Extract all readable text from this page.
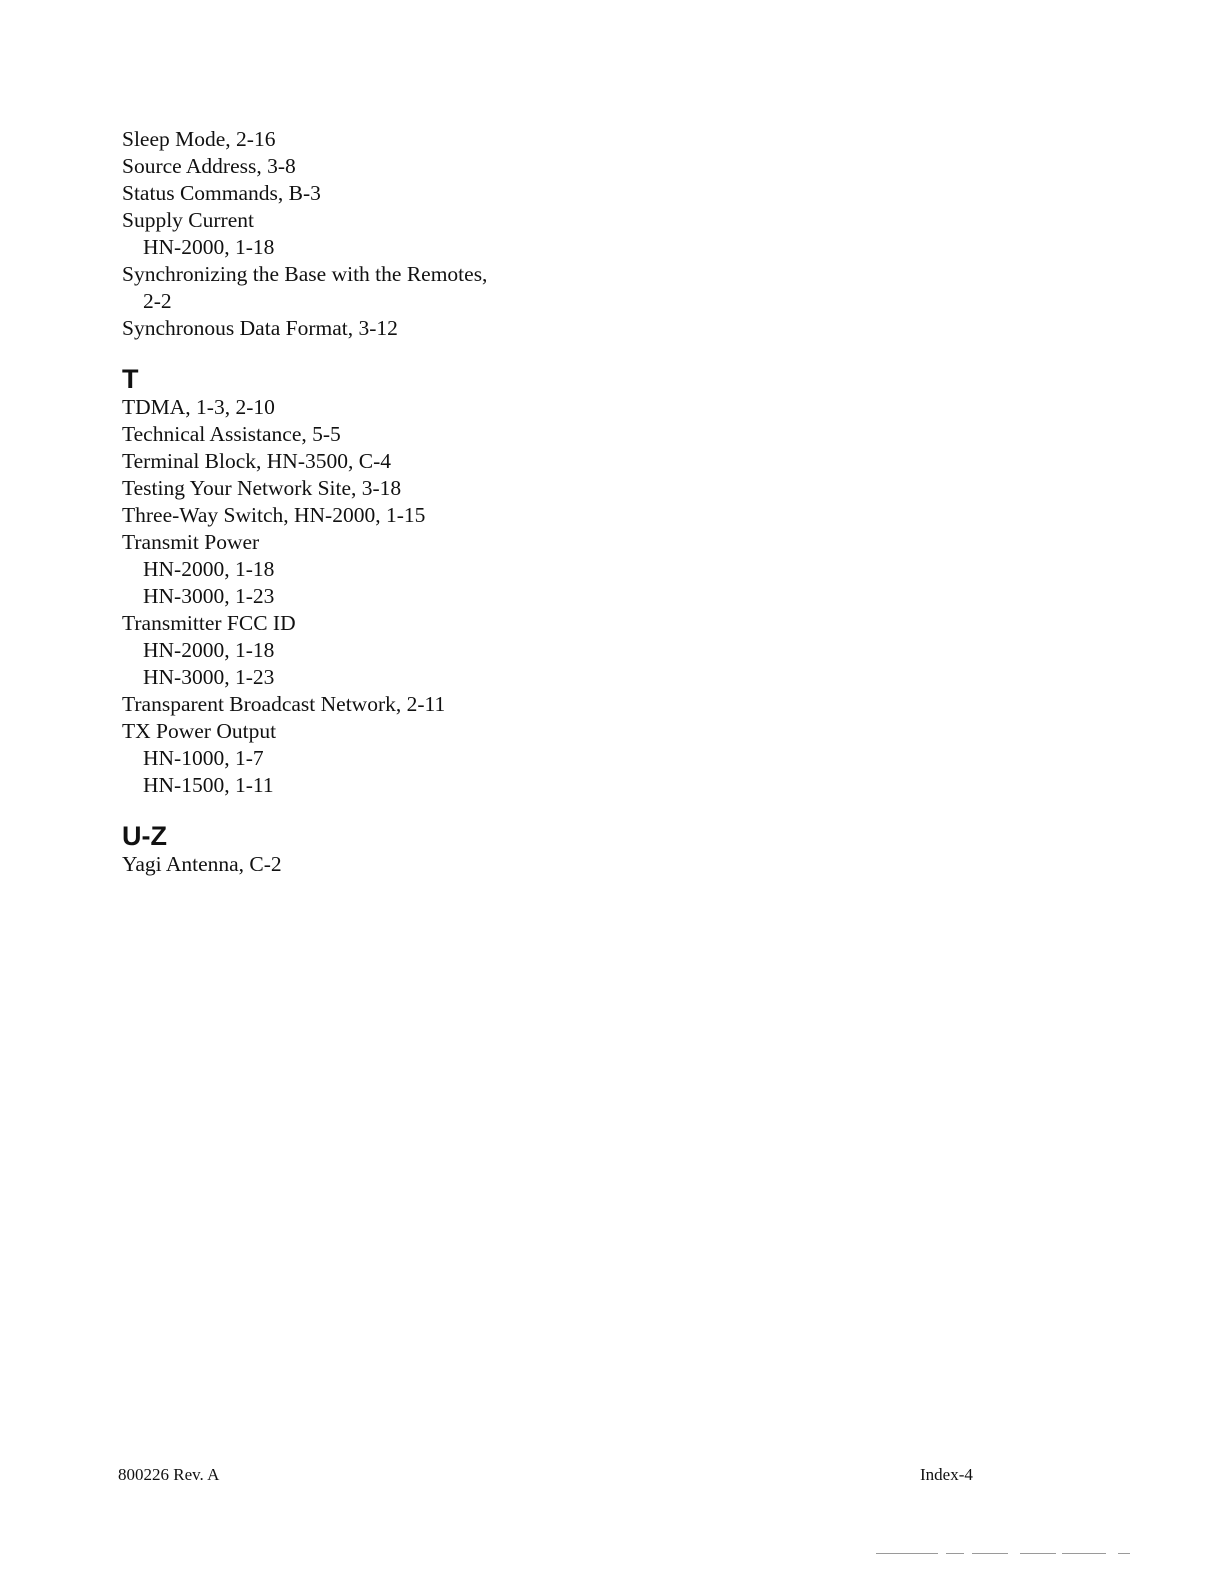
Sleep Mode, 2-16
Source Address, 3-8
Status Commands, B-3
Supply Current
HN-2000, 1-18
Synchronizing the Base with the Remotes,
2-2
Synchronous Data Format, 3-12
T
TDMA, 1-3, 2-10
Technical Assistance, 5-5
Terminal Block, HN-3500, C-4
Testing Your Network Site, 3-18
Three-Way Switch, HN-2000, 1-15
Transmit Power
HN-2000, 1-18
HN-3000, 1-23
Transmitter FCC ID
HN-2000, 1-18
HN-3000, 1-23
Transparent Broadcast Network, 2-11
TX Power Output
HN-1000, 1-7
HN-1500, 1-11
U-Z
Yagi Antenna, C-2
800226 Rev. A	Index-4
